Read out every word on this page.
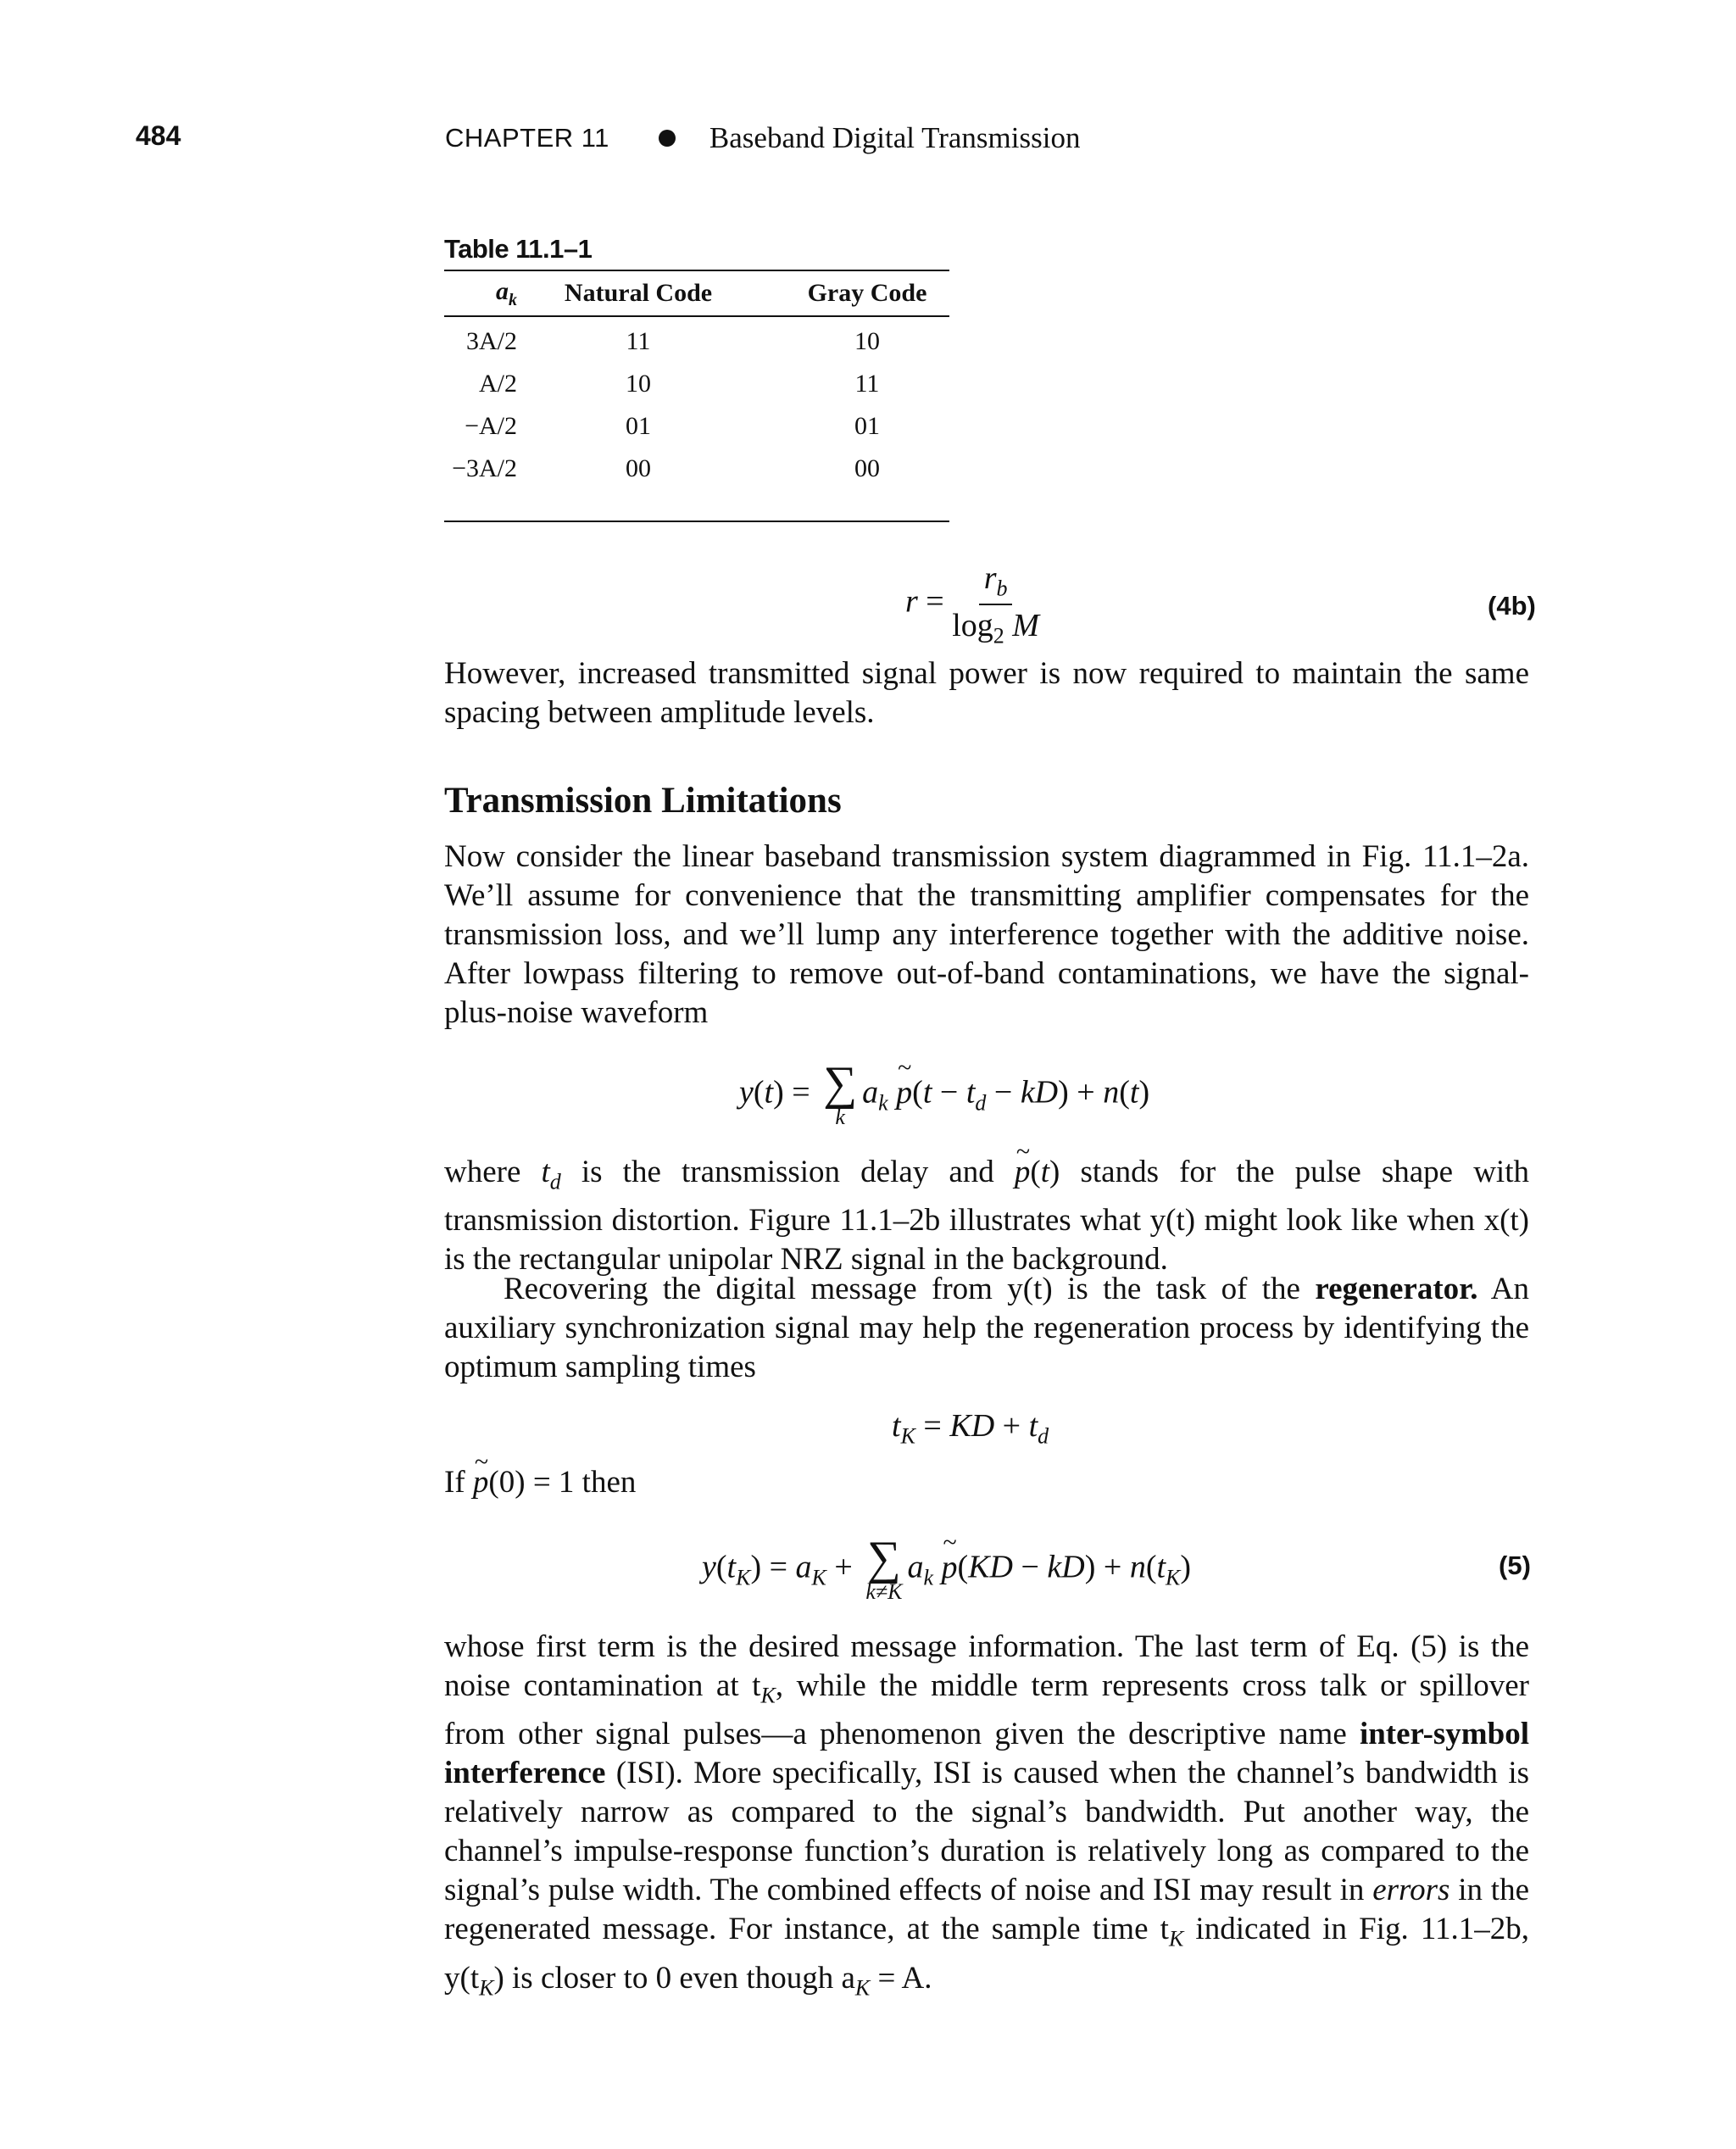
484	CHAPTER 11	Baseband Digital Transmission
Table 11.1–1
$a_k$	Natural Code	Gray Code
3A/2	11	10
A/2	10	11
−A/2	01	01
−3A/2	00	00

$r = \frac{r_b}{\log_2 M}$	(4b)
However, increased transmitted signal power is now required to maintain the same spacing between amplitude levels.
Transmission Limitations
Now consider the linear baseband transmission system diagrammed in Fig. 11.1–2a. We’ll assume for convenience that the transmitting amplifier compensates for the transmission loss, and we’ll lump any interference together with the additive noise. After lowpass filtering to remove out-of-band contaminations, we have the signal-plus-noise waveform
y(t) = ∑
k
$a_k$ ~ $p(t - t_d - kD) + n(t)$
where $t_d$ is the transmission delay and ~ p(t) stands for the pulse shape with transmission distortion. Figure 11.1–2b illustrates what y(t) might look like when x(t) is the rectangular unipolar NRZ signal in the background.
Recovering the digital message from y(t) is the task of the regenerator. An auxiliary synchronization signal may help the regeneration process by identifying the optimum sampling times
$t_K$ = KD + $t_d$
If ~ p(0) = 1 then
$y(t_K) = a_K$ + ∑
k≠K
$a_k$ ~ $p(KD - kD) + n(t_K)$	(5)
whose first term is the desired message information. The last term of Eq. (5) is the noise contamination at $t_K$, while the middle term represents cross talk or spillover from other signal pulses—a phenomenon given the descriptive name inter-symbol interference (ISI). More specifically, ISI is caused when the channel’s bandwidth is relatively narrow as compared to the signal’s bandwidth. Put another way, the channel’s impulse-response function’s duration is relatively long as compared to the signal’s pulse width. The combined effects of noise and ISI may result in errors in the regenerated message. For instance, at the sample time $t_K$ indicated in Fig. 11.1–2b, $y(t_K)$ is closer to 0 even though $a_K = A$.
